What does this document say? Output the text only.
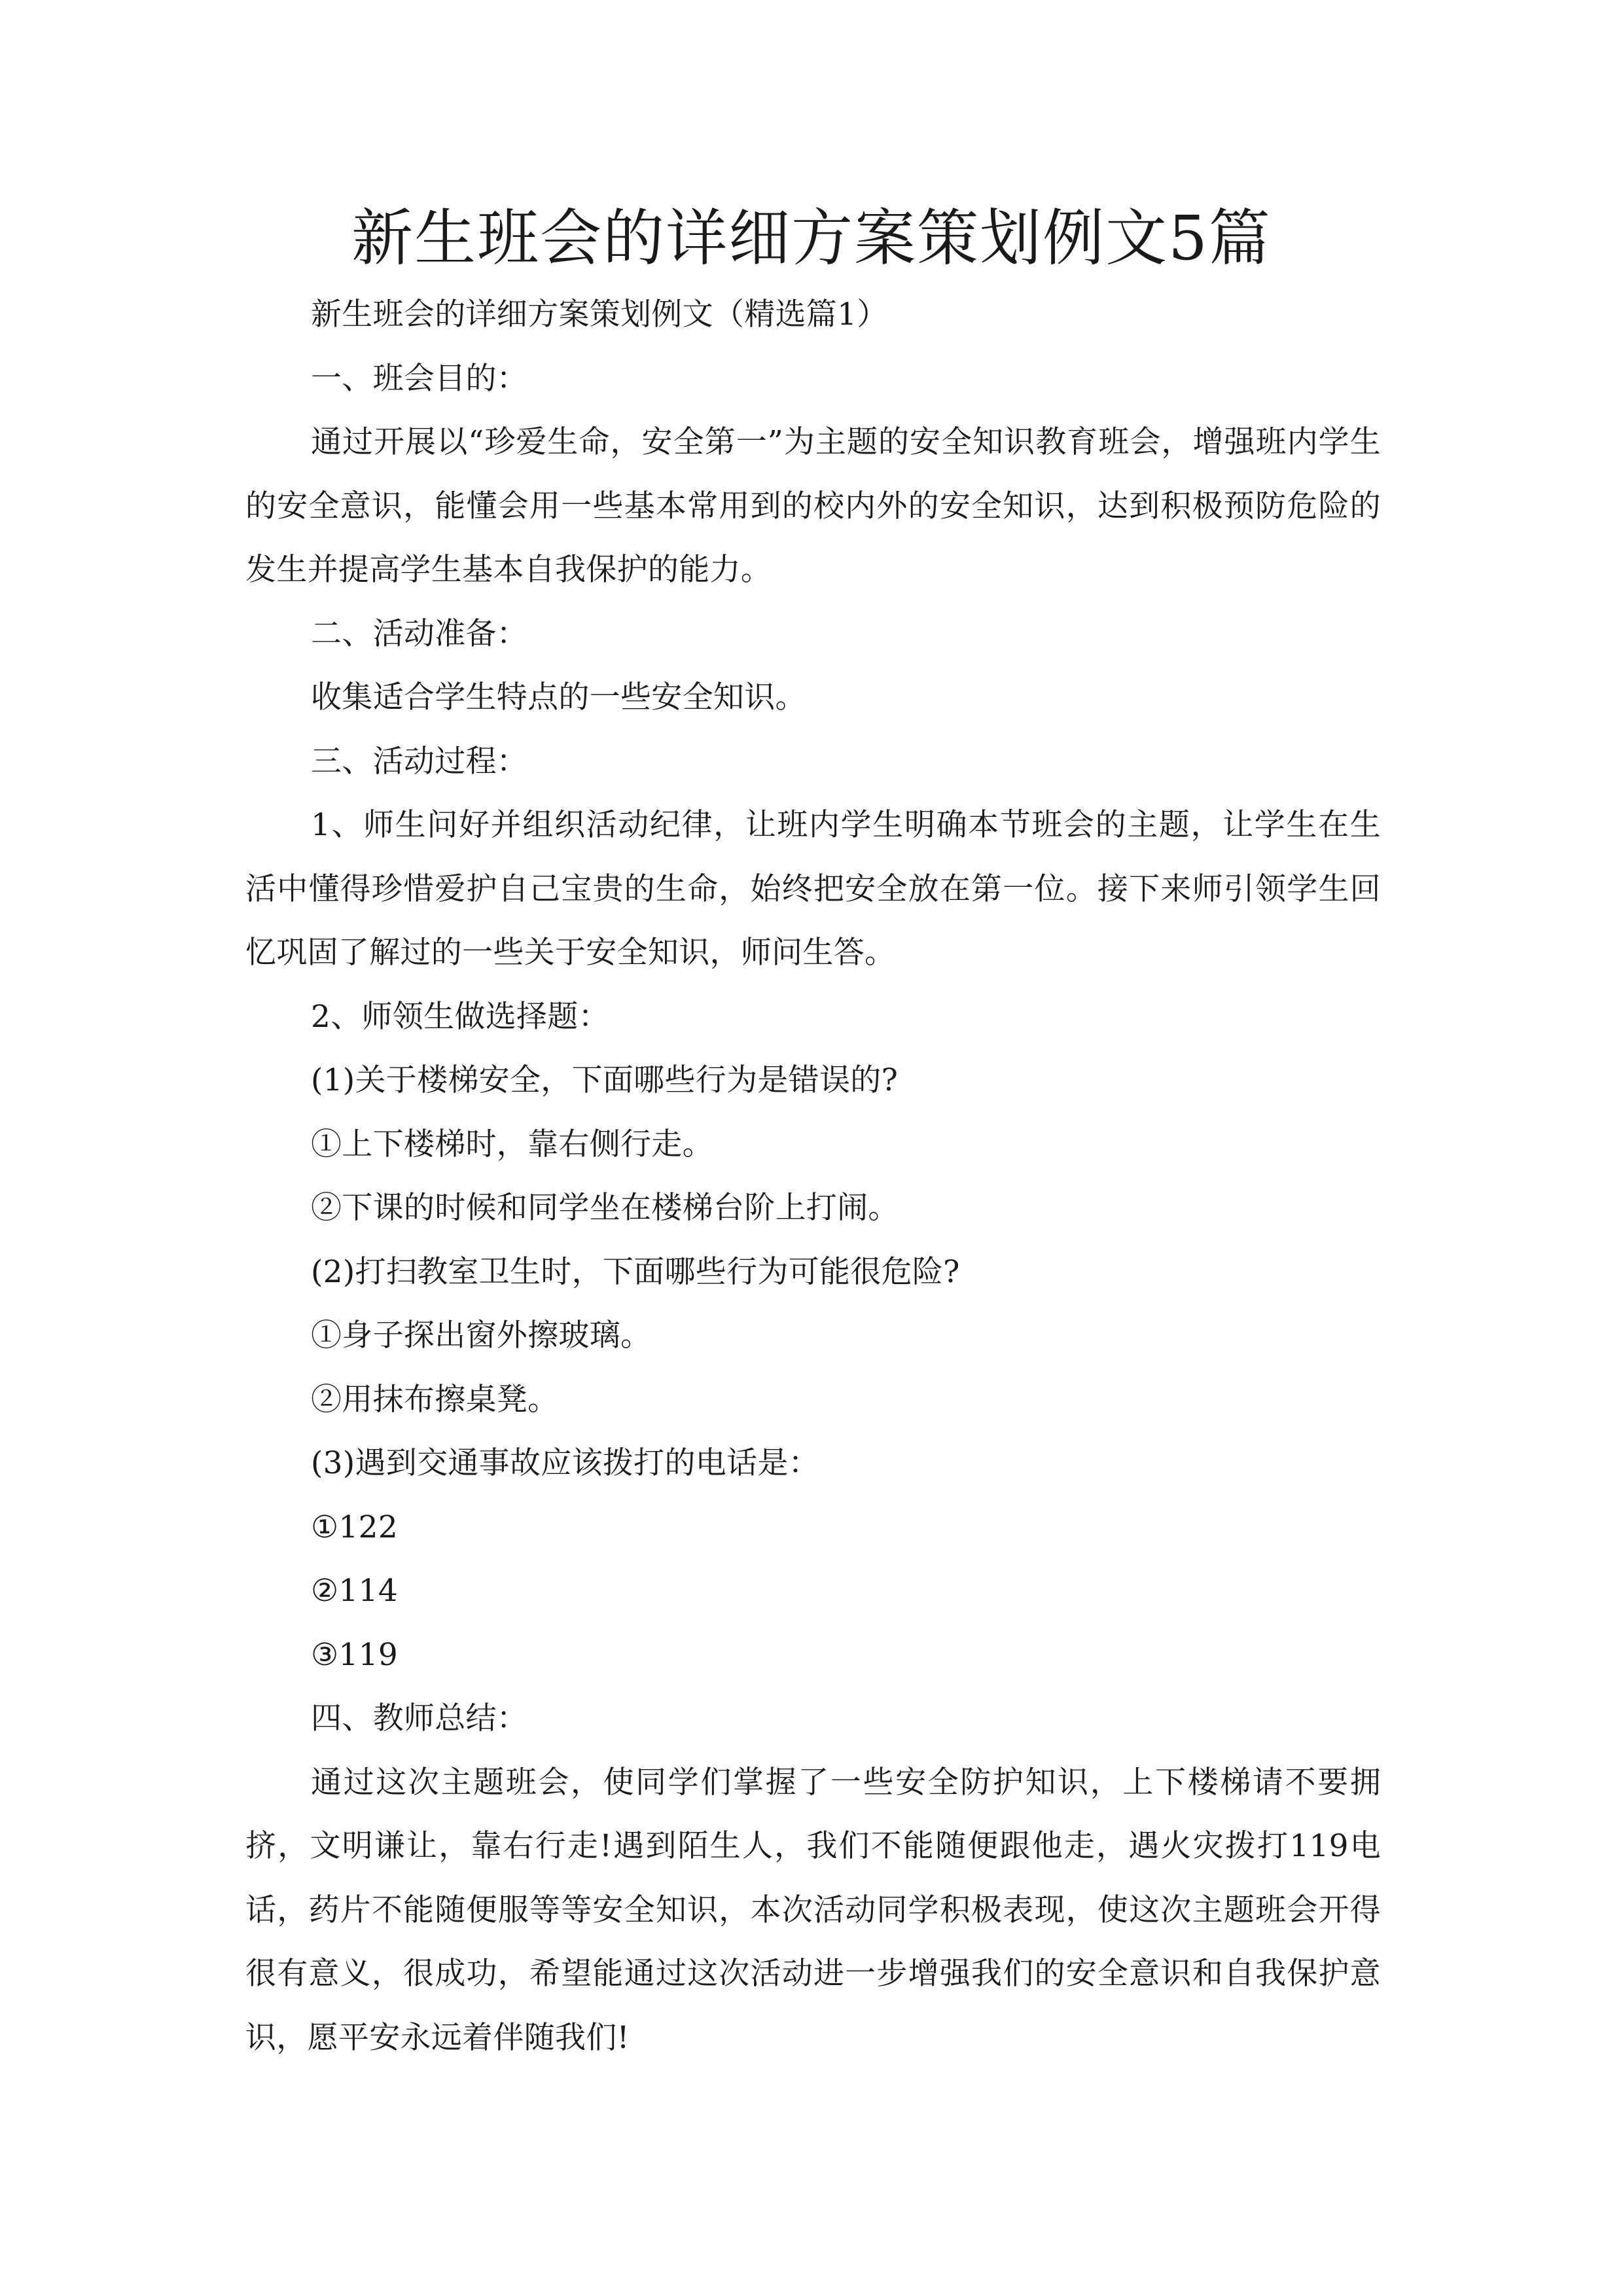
新生班会的详细方案策划例文5篇

新生班会的详细方案策划例文（精选篇1）

一、班会目的：

通过开展以“珍爱生命，安全第一”为主题的安全知识教育班会，增强班内学生的安全意识，能懂会用一些基本常用到的校内外的安全知识，达到积极预防危险的发生并提高学生基本自我保护的能力。

二、活动准备：

收集适合学生特点的一些安全知识。

三、活动过程：

1、师生问好并组织活动纪律，让班内学生明确本节班会的主题，让学生在生活中懂得珍惜爱护自己宝贵的生命，始终把安全放在第一位。接下来师引领学生回忆巩固了解过的一些关于安全知识，师问生答。

2、师领生做选择题：

(1)关于楼梯安全，下面哪些行为是错误的?

①上下楼梯时，靠右侧行走。

②下课的时候和同学坐在楼梯台阶上打闹。

(2)打扫教室卫生时，下面哪些行为可能很危险?

①身子探出窗外擦玻璃。

②用抹布擦桌凳。

(3)遇到交通事故应该拨打的电话是：

①122

②114

③119

四、教师总结：

通过这次主题班会，使同学们掌握了一些安全防护知识，上下楼梯请不要拥挤，文明谦让，靠右行走!遇到陌生人，我们不能随便跟他走，遇火灾拨打119电话，药片不能随便服等等安全知识，本次活动同学积极表现，使这次主题班会开得很有意义，很成功，希望能通过这次活动进一步增强我们的安全意识和自我保护意识，愿平安永远着伴随我们!
